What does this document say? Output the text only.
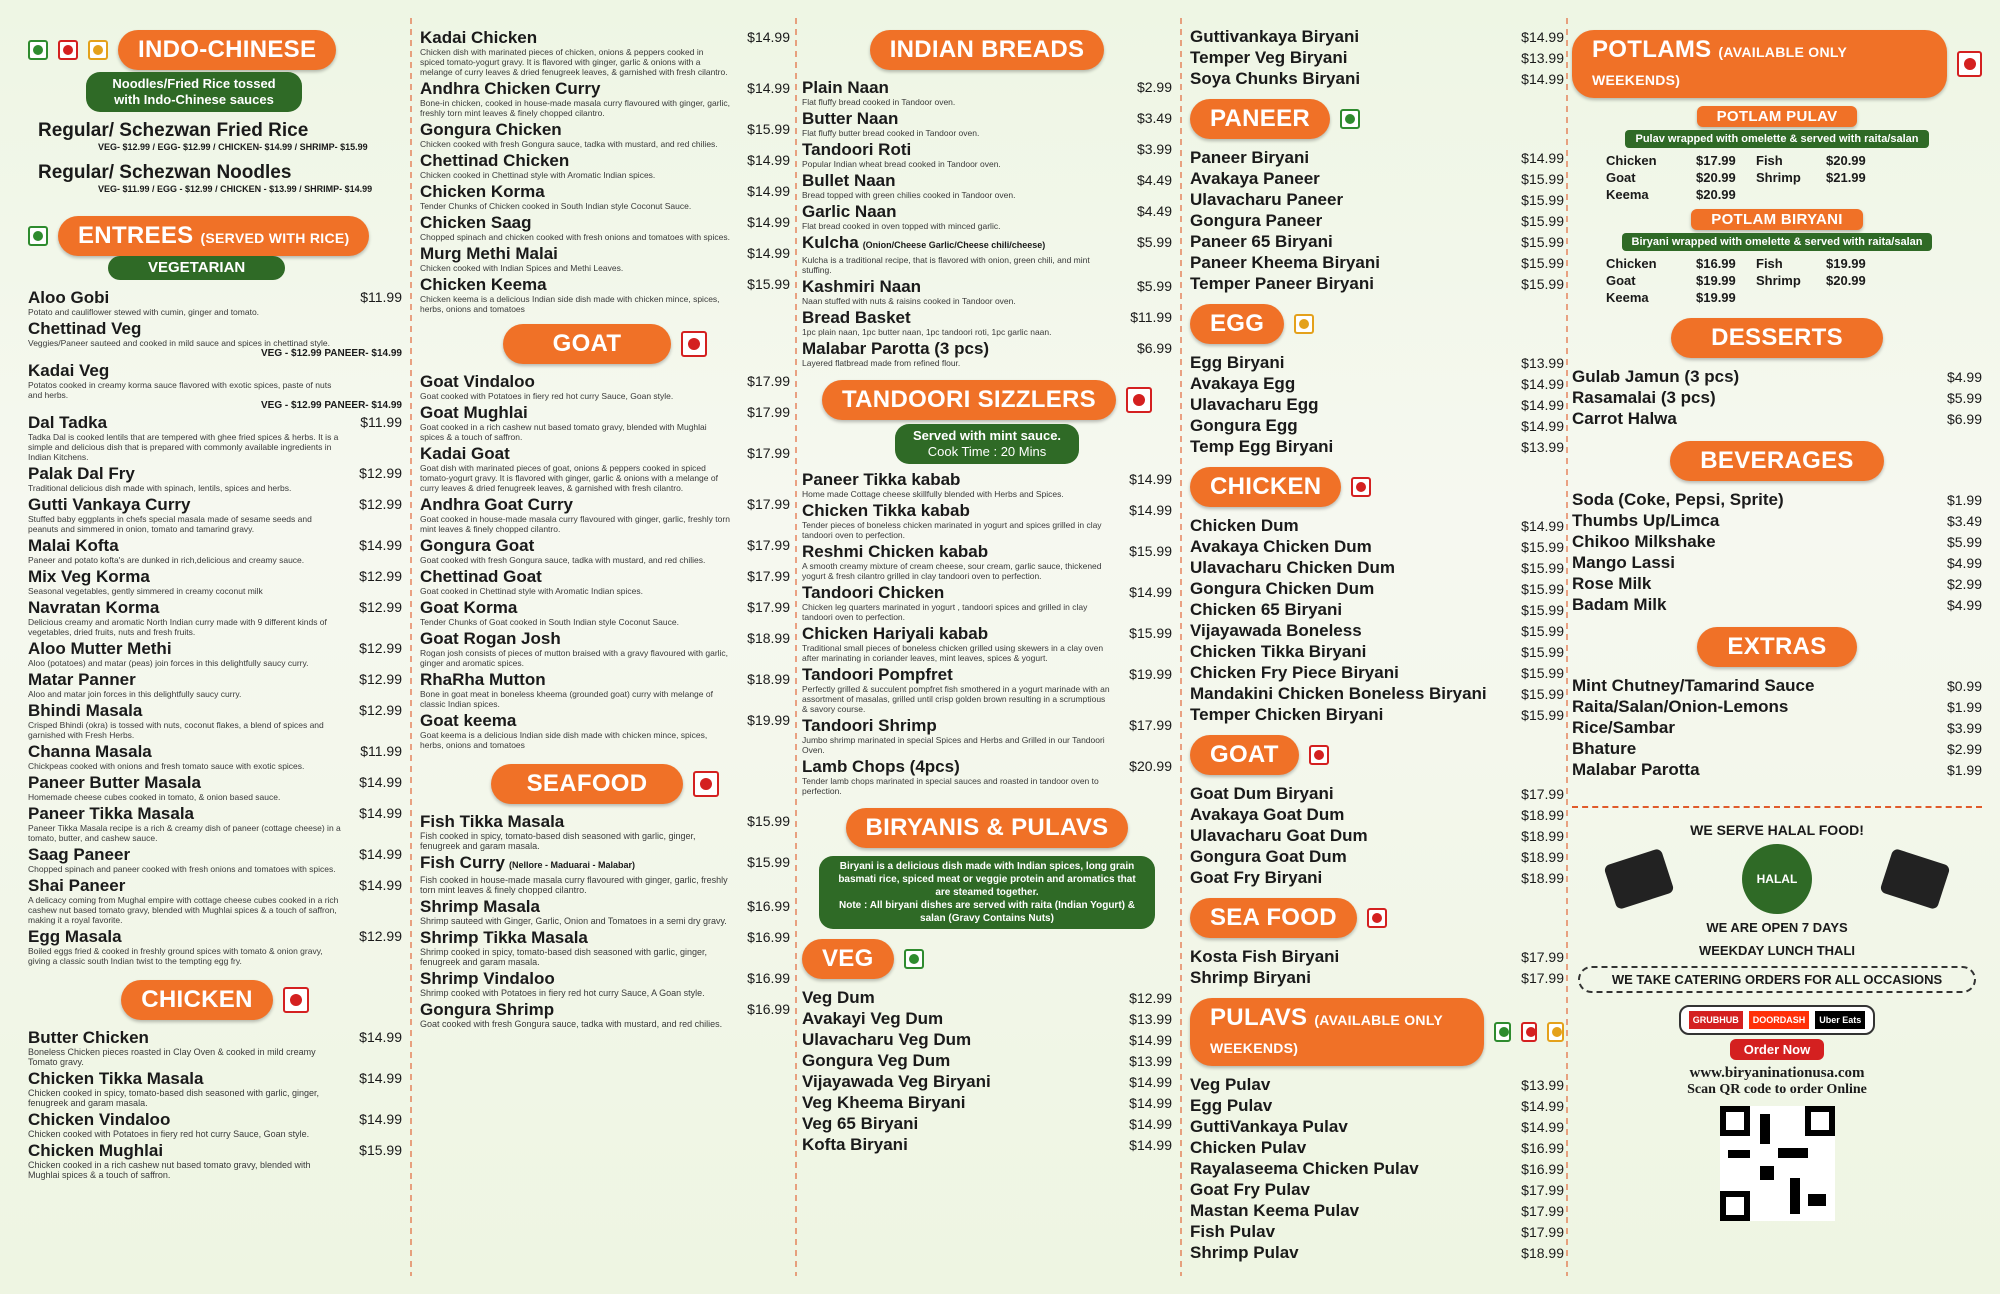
INDO-CHINESE
Noodles/Fried Rice tossed with Indo-Chinese sauces
Regular/ Schezwan Fried Rice
VEG- $12.99 / EGG- $12.99 / CHICKEN- $14.99 / SHRIMP- $15.99
Regular/ Schezwan Noodles
VEG- $11.99 / EGG - $12.99 / CHICKEN - $13.99 / SHRIMP- $14.99
ENTREES (SERVED WITH RICE)
VEGETARIAN
Aloo Gobi	$11.99
Potato and cauliflower stewed with cumin, ginger and tomato.
Chettinad Veg
Veggies/Paneer sauteed and cooked in mild sauce and spices in chettinad style.
VEG - $12.99 PANEER- $14.99
Kadai Veg
Potatos cooked in creamy korma sauce flavored with exotic spices, paste of nuts and herbs.
VEG - $12.99 PANEER- $14.99
Dal Tadka	$11.99
Tadka Dal is cooked lentils that are tempered with ghee fried spices & herbs. It is a simple and delicious dish that is prepared with commonly available ingredients in Indian Kitchens.
Palak Dal Fry	$12.99
Traditional delicious dish made with spinach, lentils, spices and herbs.
Gutti Vankaya Curry	$12.99
Stuffed baby eggplants in chefs special masala made of sesame seeds and peanuts and simmered in onion, tomato and tamarind gravy.
Malai Kofta	$14.99
Paneer and potato kofta's are dunked in rich,delicious and creamy sauce.
Mix Veg Korma	$12.99
Seasonal vegetables, gently simmered in creamy coconut milk
Navratan Korma	$12.99
Delicious creamy and aromatic North Indian curry made with 9 different kinds of vegetables, dried fruits, nuts and fresh fruits.
Aloo Mutter Methi	$12.99
Aloo (potatoes) and matar (peas) join forces in this delightfully saucy curry.
Matar Panner	$12.99
Aloo and matar join forces in this delightfully saucy curry.
Bhindi Masala	$12.99
Crisped Bhindi (okra) is tossed with nuts, coconut flakes, a blend of spices and garnished with Fresh Herbs.
Channa Masala	$11.99
Chickpeas cooked with onions and fresh tomato sauce with exotic spices.
Paneer Butter Masala	$14.99
Homemade cheese cubes cooked in tomato, & onion based sauce.
Paneer Tikka Masala	$14.99
Paneer Tikka Masala recipe is a rich & creamy dish of paneer (cottage cheese) in a tomato, butter, and cashew sauce.
Saag Paneer	$14.99
Chopped spinach and paneer cooked with fresh onions and tomatoes with spices.
Shai Paneer	$14.99
A delicacy coming from Mughal empire with cottage cheese cubes cooked in a rich cashew nut based tomato gravy, blended with Mughlai spices & a touch of saffron, making it a royal favorite.
Egg Masala	$12.99
Boiled eggs fried & cooked in freshly ground spices with tomato & onion gravy, giving a classic south Indian twist to the tempting egg fry.
CHICKEN
Butter Chicken	$14.99
Boneless Chicken pieces roasted in Clay Oven & cooked in mild creamy Tomato gravy.
Chicken Tikka Masala	$14.99
Chicken cooked in spicy, tomato-based dish seasoned with garlic, ginger, fenugreek and garam masala.
Chicken Vindaloo	$14.99
Chicken cooked with Potatoes in fiery red hot curry Sauce, Goan style.
Chicken Mughlai	$15.99
Chicken cooked in a rich cashew nut based tomato gravy, blended with Mughlai spices & a touch of saffron.
Kadai Chicken	$14.99
Chicken dish with marinated pieces of chicken, onions & peppers cooked in spiced tomato-yogurt gravy. It is flavored with ginger, garlic & onions with a melange of curry leaves & dried fenugreek leaves, & garnished with fresh cilantro.
Andhra Chicken Curry	$14.99
Bone-in chicken, cooked in house-made masala curry flavoured with ginger, garlic, freshly torn mint leaves & finely chopped cilantro.
Gongura Chicken	$15.99
Chicken cooked with fresh Gongura sauce, tadka with mustard, and red chilies.
Chettinad Chicken	$14.99
Chicken cooked in Chettinad style with Aromatic Indian spices.
Chicken Korma	$14.99
Tender Chunks of Chicken cooked in South Indian style Coconut Sauce.
Chicken Saag	$14.99
Chopped spinach and chicken cooked with fresh onions and tomatoes with spices.
Murg Methi Malai	$14.99
Chicken cooked with Indian Spices and Methi Leaves.
Chicken Keema	$15.99
Chicken keema is a delicious Indian side dish made with chicken mince, spices, herbs, onions and tomatoes
GOAT
Goat Vindaloo	$17.99
Goat cooked with Potatoes in fiery red hot curry Sauce, Goan style.
Goat Mughlai	$17.99
Goat cooked in a rich cashew nut based tomato gravy, blended with Mughlai spices & a touch of saffron.
Kadai Goat	$17.99
Goat dish with marinated pieces of goat, onions & peppers cooked in spiced tomato-yogurt gravy. It is flavored with ginger, garlic & onions with a melange of curry leaves & dried fenugreek leaves, & garnished with fresh cilantro.
Andhra Goat Curry	$17.99
Goat cooked in house-made masala curry flavoured with ginger, garlic, freshly torn mint leaves & finely chopped cilantro.
Gongura Goat	$17.99
Goat cooked with fresh Gongura sauce, tadka with mustard, and red chilies.
Chettinad Goat	$17.99
Goat cooked in Chettinad style with Aromatic Indian spices.
Goat Korma	$17.99
Tender Chunks of Goat cooked in South Indian style Coconut Sauce.
Goat Rogan Josh	$18.99
Rogan josh consists of pieces of mutton braised with a gravy flavoured with garlic, ginger and aromatic spices.
RhaRha Mutton	$18.99
Bone in goat meat in boneless kheema (grounded goat) curry with melange of classic Indian spices.
Goat keema	$19.99
Goat keema is a delicious Indian side dish made with chicken mince, spices, herbs, onions and tomatoes
SEAFOOD
Fish Tikka Masala	$15.99
Fish cooked in spicy, tomato-based dish seasoned with garlic, ginger, fenugreek and garam masala.
Fish Curry (Nellore - Maduarai - Malabar)	$15.99
Fish cooked in house-made masala curry flavoured with ginger, garlic, freshly torn mint leaves & finely chopped cilantro.
Shrimp Masala	$16.99
Shrimp sauteed with Ginger, Garlic, Onion and Tomatoes in a semi dry gravy.
Shrimp Tikka Masala	$16.99
Shrimp cooked in spicy, tomato-based dish seasoned with garlic, ginger, fenugreek and garam masala.
Shrimp Vindaloo	$16.99
Shrimp cooked with Potatoes in fiery red hot curry Sauce, A Goan style.
Gongura Shrimp	$16.99
Goat cooked with fresh Gongura sauce, tadka with mustard, and red chilies.
INDIAN BREADS
Plain Naan	$2.99
Flat fluffy bread cooked in Tandoor oven.
Butter Naan	$3.49
Flat fluffy butter bread cooked in Tandoor oven.
Tandoori Roti	$3.99
Popular Indian wheat bread cooked in Tandoor oven.
Bullet Naan	$4.49
Bread topped with green chilies cooked in Tandoor oven.
Garlic Naan	$4.49
Flat bread cooked in oven topped with minced garlic.
Kulcha (Onion/Cheese Garlic/Cheese chili/cheese)	$5.99
Kulcha is a traditional recipe, that is flavored with onion, green chili, and mint stuffing.
Kashmiri Naan	$5.99
Naan stuffed with nuts & raisins cooked in Tandoor oven.
Bread Basket	$11.99
1pc plain naan, 1pc butter naan, 1pc tandoori roti, 1pc garlic naan.
Malabar Parotta (3 pcs)	$6.99
Layered flatbread made from refined flour.
TANDOORI SIZZLERS
Served with mint sauce.
Cook Time : 20 Mins
Paneer Tikka kabab	$14.99
Home made Cottage cheese skillfully blended with Herbs and Spices.
Chicken Tikka kabab	$14.99
Tender pieces of boneless chicken marinated in yogurt and spices grilled in clay tandoori oven to perfection.
Reshmi Chicken kabab	$15.99
A smooth creamy mixture of cream cheese, sour cream, garlic sauce, thickened yogurt & fresh cilantro grilled in clay tandoori oven to perfection.
Tandoori Chicken	$14.99
Chicken leg quarters marinated in yogurt , tandoori spices and grilled in clay tandoori oven to perfection.
Chicken Hariyali kabab	$15.99
Traditional small pieces of boneless chicken grilled using skewers in a clay oven after marinating in coriander leaves, mint leaves, spices & yogurt.
Tandoori Pompfret	$19.99
Perfectly grilled & succulent pompfret fish smothered in a yogurt marinade with an assortment of masalas, grilled until crisp golden brown resulting in a scrumptious & savory course.
Tandoori Shrimp	$17.99
Jumbo shrimp marinated in special Spices and Herbs and Grilled in our Tandoori Oven.
Lamb Chops (4pcs)	$20.99
Tender lamb chops marinated in special sauces and roasted in tandoor oven to perfection.
BIRYANIS & PULAVS
Biryani is a delicious dish made with Indian spices, long grain basmati rice, spiced meat or veggie protein and aromatics that are steamed together.
Note : All biryani dishes are served with raita (Indian Yogurt) & salan (Gravy Contains Nuts)
VEG
Veg Dum	$12.99
Avakayi Veg Dum	$13.99
Ulavacharu Veg Dum	$14.99
Gongura Veg Dum	$13.99
Vijayawada Veg Biryani	$14.99
Veg Kheema Biryani	$14.99
Veg 65 Biryani	$14.99
Kofta Biryani	$14.99
Guttivankaya Biryani	$14.99
Temper Veg Biryani	$13.99
Soya Chunks Biryani	$14.99
PANEER
Paneer Biryani	$14.99
Avakaya Paneer	$15.99
Ulavacharu Paneer	$15.99
Gongura Paneer	$15.99
Paneer 65 Biryani	$15.99
Paneer Kheema Biryani	$15.99
Temper Paneer Biryani	$15.99
EGG
Egg Biryani	$13.99
Avakaya Egg	$14.99
Ulavacharu Egg	$14.99
Gongura Egg	$14.99
Temp Egg Biryani	$13.99
CHICKEN
Chicken Dum	$14.99
Avakaya Chicken Dum	$15.99
Ulavacharu Chicken Dum	$15.99
Gongura Chicken Dum	$15.99
Chicken 65 Biryani	$15.99
Vijayawada Boneless	$15.99
Chicken Tikka Biryani	$15.99
Chicken Fry Piece Biryani	$15.99
Mandakini Chicken Boneless Biryani $15.99
Temper Chicken Biryani	$15.99
GOAT
Goat Dum Biryani	$17.99
Avakaya Goat Dum	$18.99
Ulavacharu Goat Dum	$18.99
Gongura Goat Dum	$18.99
Goat Fry Biryani	$18.99
SEA FOOD
Kosta Fish Biryani	$17.99
Shrimp Biryani	$17.99
PULAVS (AVAILABLE ONLY WEEKENDS)
Veg Pulav	$13.99
Egg Pulav	$14.99
GuttiVankaya Pulav	$14.99
Chicken Pulav	$16.99
Rayalaseema Chicken Pulav	$16.99
Goat Fry Pulav	$17.99
Mastan Keema Pulav	$17.99
Fish Pulav	$17.99
Shrimp Pulav	$18.99
POTLAMS (AVAILABLE ONLY WEEKENDS)
POTLAM PULAV
Pulav wrapped with omelette & served with raita/salan
Chicken	$17.99	Fish	$20.99
Goat	$20.99	Shrimp	$21.99
Keema	$20.99
POTLAM BIRYANI
Biryani wrapped with omelette & served with raita/salan
Chicken	$16.99	Fish	$19.99
Goat	$19.99	Shrimp	$20.99
Keema	$19.99
DESSERTS
Gulab Jamun (3 pcs)	$4.99
Rasamalai (3 pcs)	$5.99
Carrot Halwa	$6.99
BEVERAGES
Soda (Coke, Pepsi, Sprite)	$1.99
Thumbs Up/Limca	$3.49
Chikoo Milkshake	$5.99
Mango Lassi	$4.99
Rose Milk	$2.99
Badam Milk	$4.99
EXTRAS
Mint Chutney/Tamarind Sauce	$0.99
Raita/Salan/Onion-Lemons	$1.99
Rice/Sambar	$3.99
Bhature	$2.99
Malabar Parotta	$1.99
WE SERVE HALAL FOOD!
HALAL
WE ARE OPEN 7 DAYS
WEEKDAY LUNCH THALI
WE TAKE CATERING ORDERS FOR ALL OCCASIONS
GRUBHUB	DOORDASH	Uber Eats
Order Now
www.biryaninationusa.com
Scan QR code to order Online
